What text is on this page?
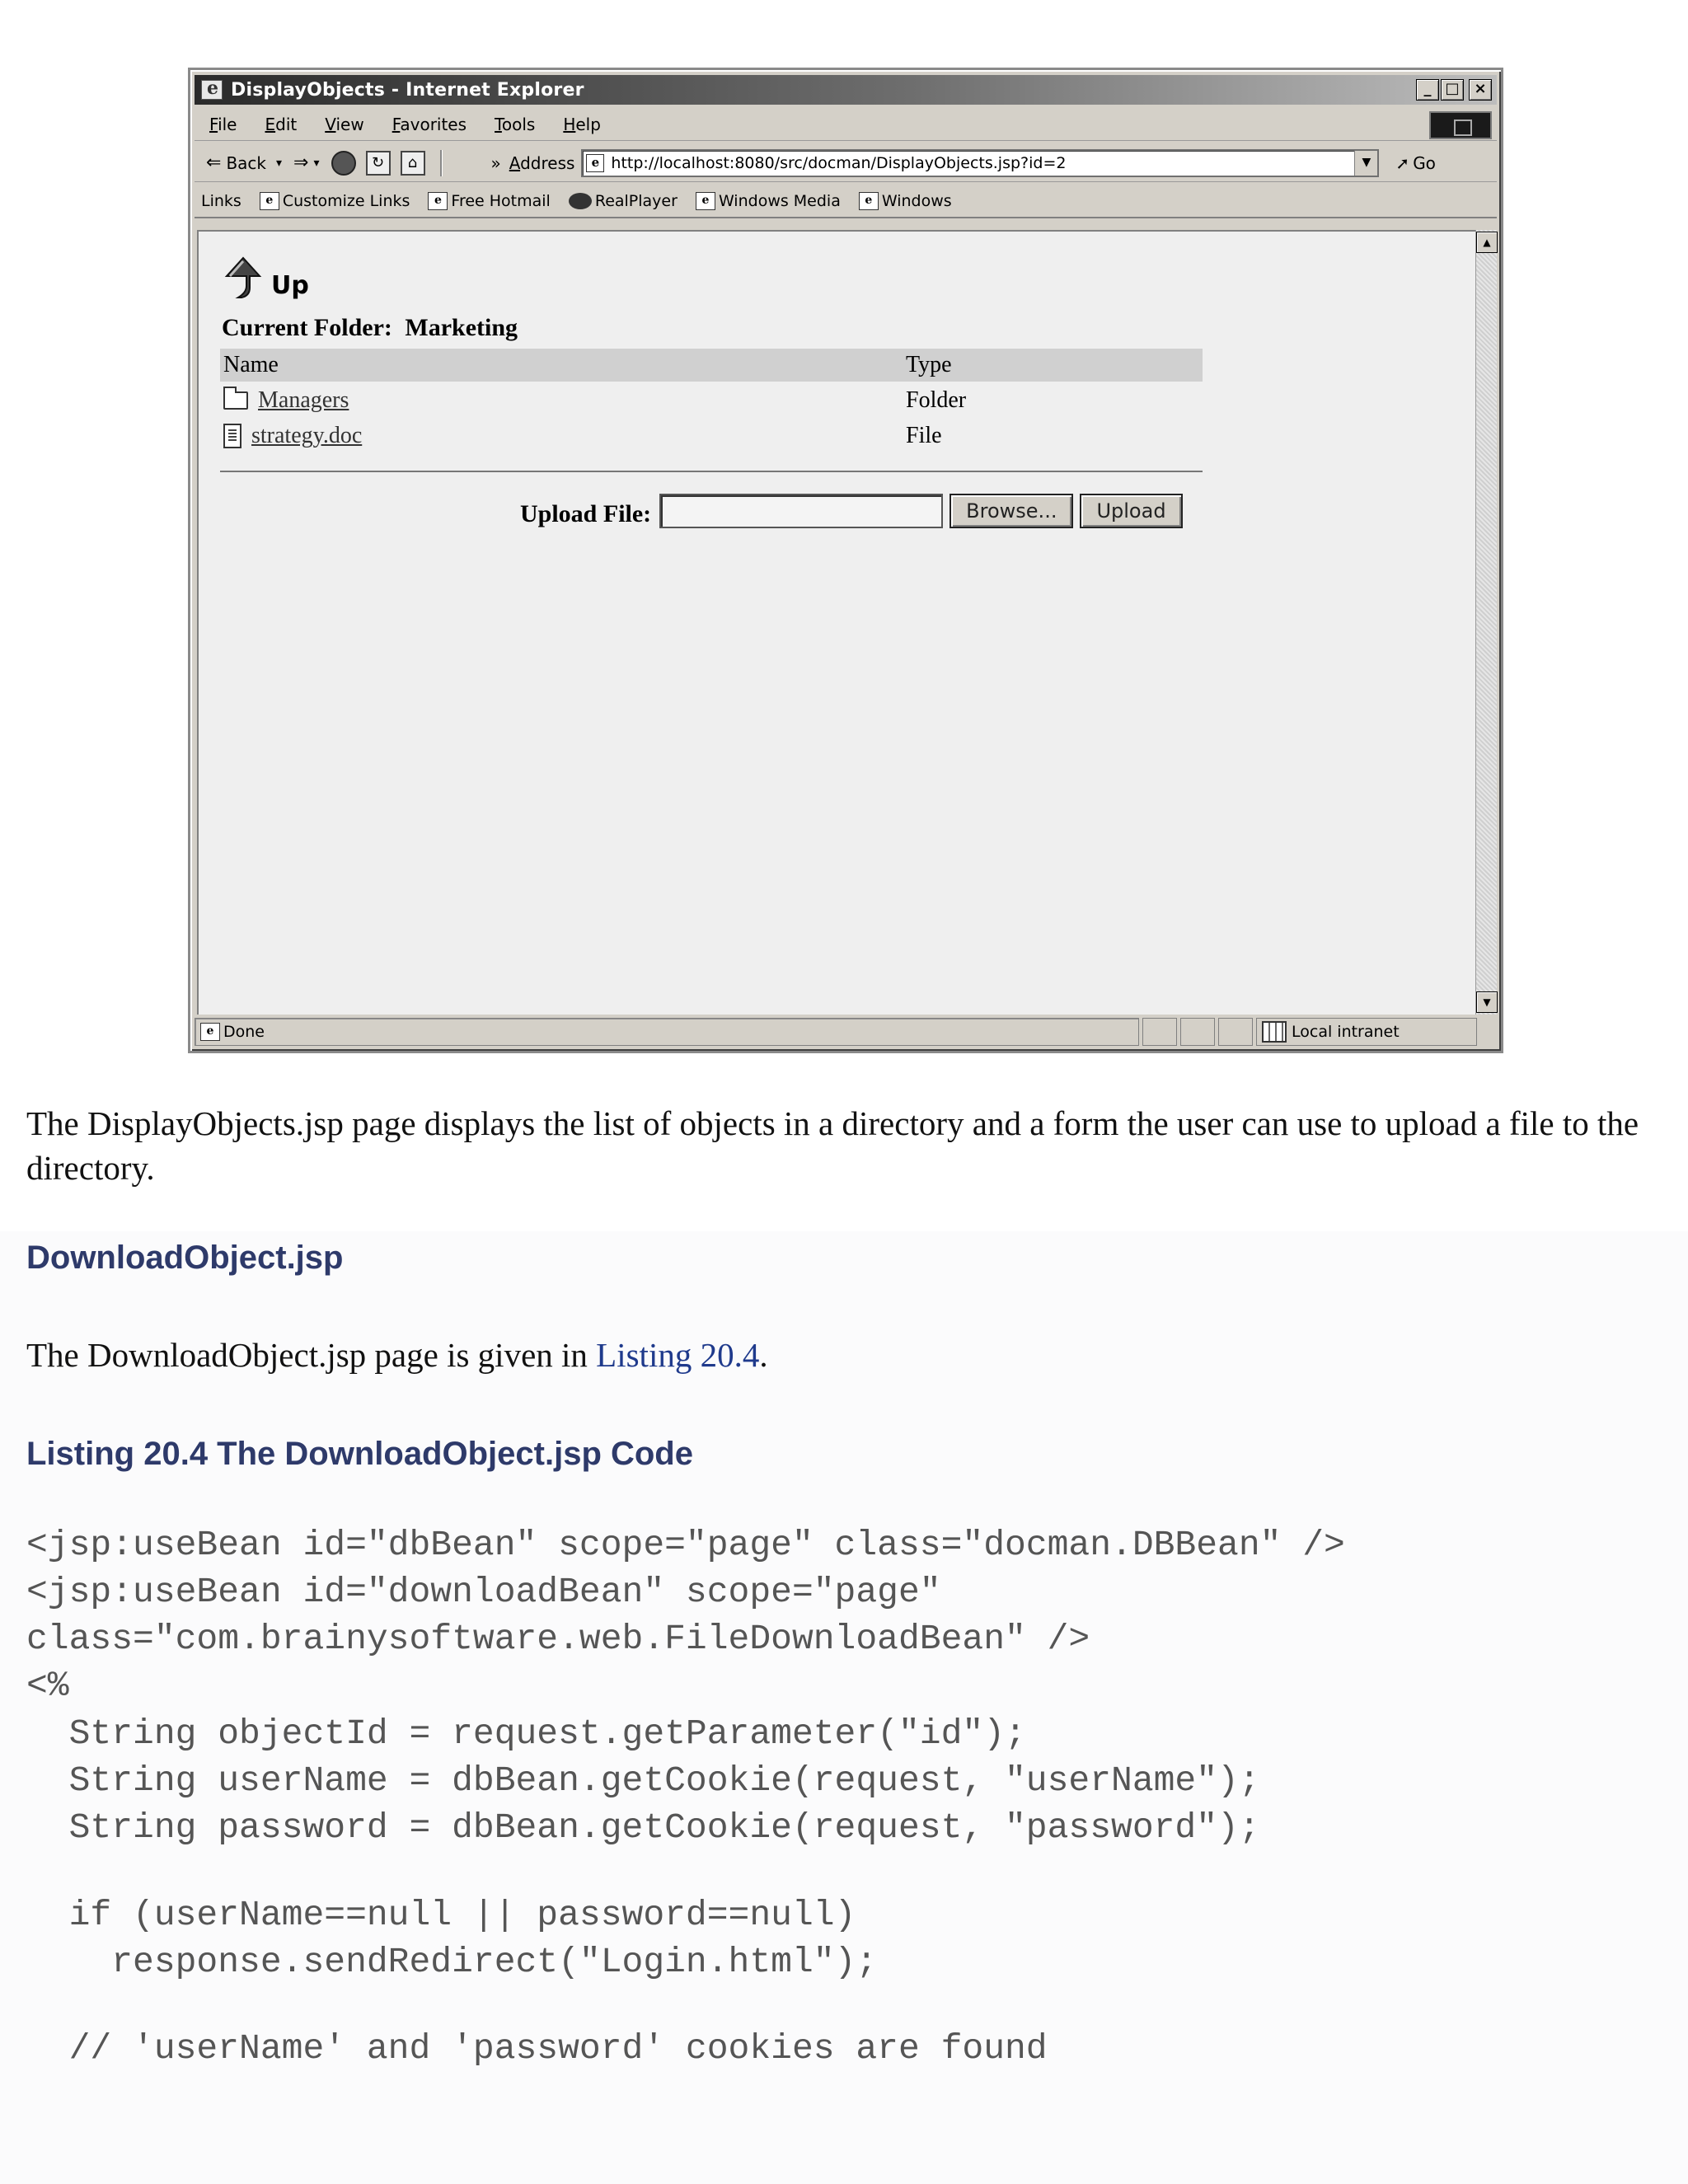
e
DisplayObjects - Internet Explorer	_ □ ×
File Edit View Favorites Tools Help
⇐ Back ▾ ⇒ ▾	↻	⌂	» Address	e http://localhost:8080/src/docman/DisplayObjects.jsp?id=2	▼	➚ Go
Links	e Customize Links	e Free Hotmail	RealPlayer	e Windows Media	e Windows
Up
Current Folder: Marketing
Name	Type
Managers	Folder
strategy.doc	File
Upload File:	Browse...	Upload
▲
▼
e Done	Local intranet

The DisplayObjects.jsp page displays the list of objects in a directory and a form the user can use to upload a file to the directory.

DownloadObject.jsp

The DownloadObject.jsp page is given in Listing 20.4.

Listing 20.4 The DownloadObject.jsp Code
<jsp:useBean id="dbBean" scope="page" class="docman.DBBean" />
<jsp:useBean id="downloadBean" scope="page"
class="com.brainysoftware.web.FileDownloadBean" />
<%
String objectId = request.getParameter("id");
String userName = dbBean.getCookie(request, "userName");
String password = dbBean.getCookie(request, "password");
if (userName==null || password==null)
response.sendRedirect("Login.html");
// 'userName' and 'password' cookies are found
